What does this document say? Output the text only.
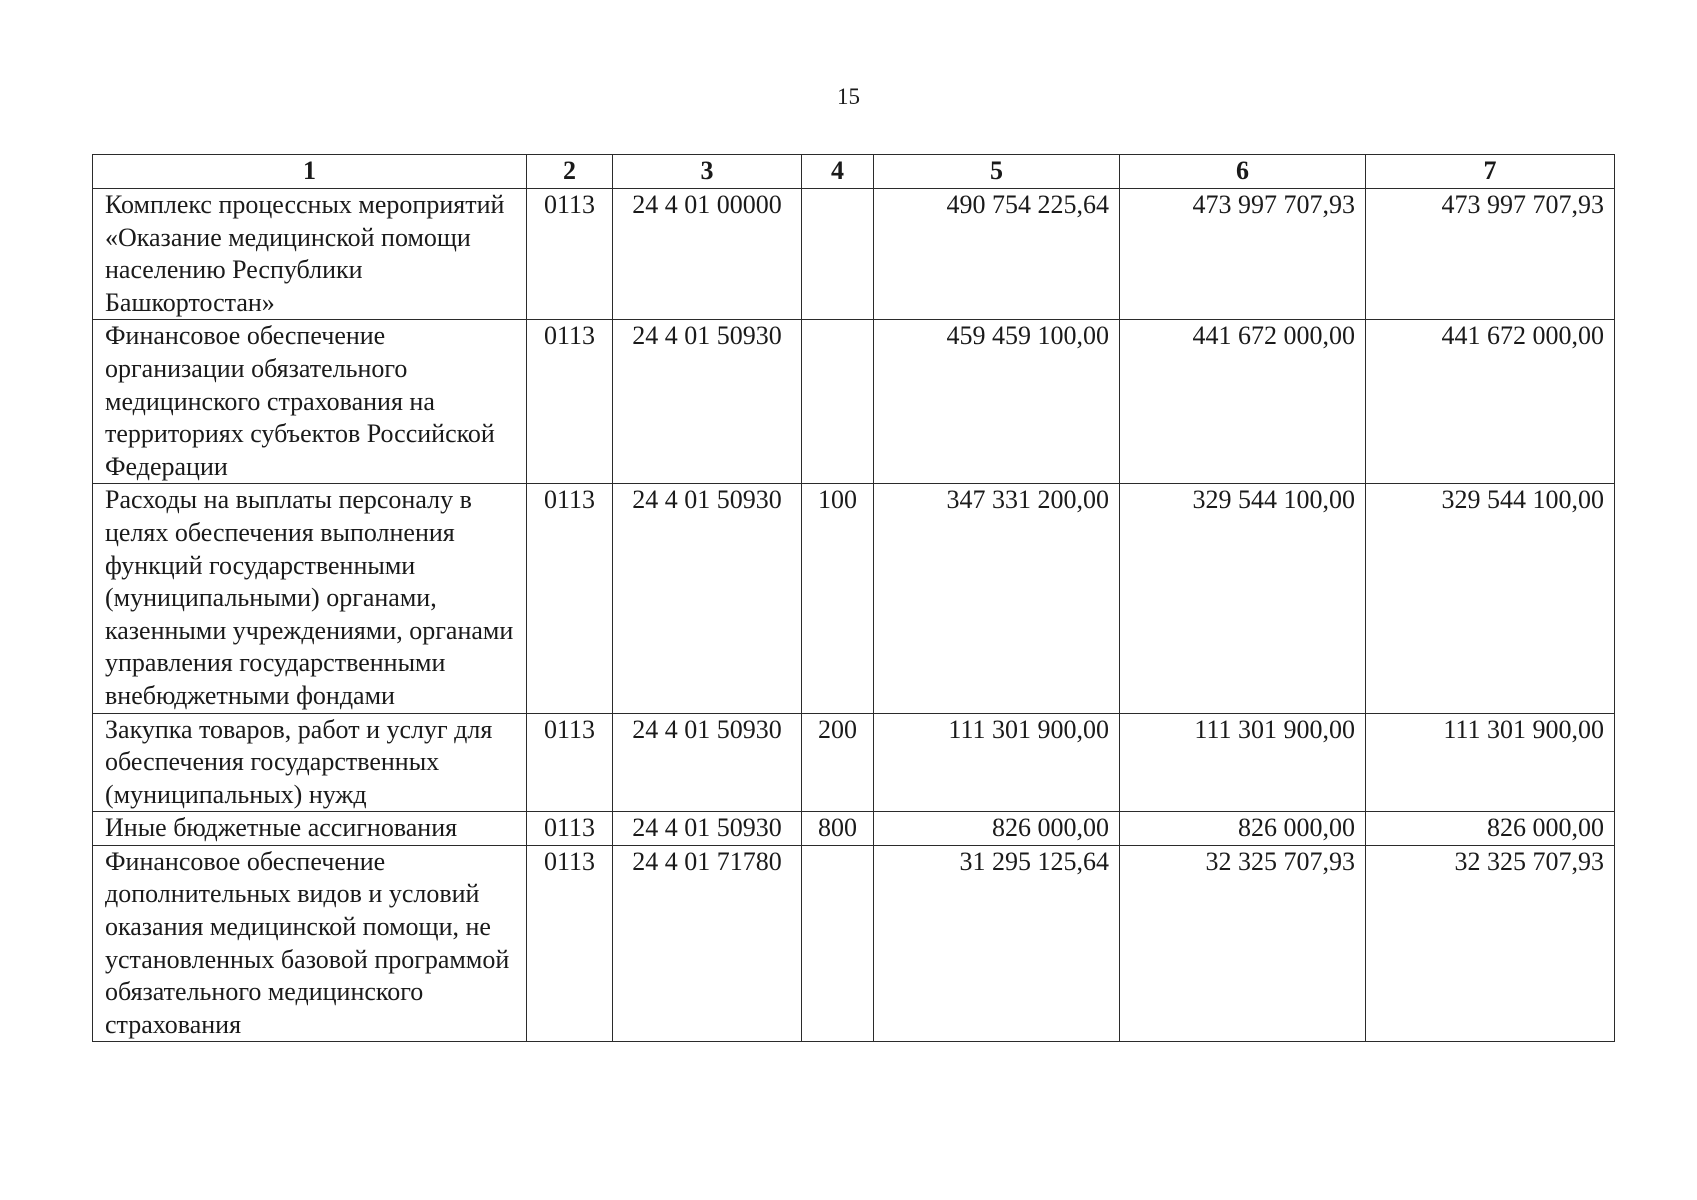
15
1	2	3	4	5	6	7
Комплекс процессных мероприятий «Оказание медицинской помощи населению Республики Башкортостан»	0113	24 4 01 00000		490 754 225,64	473 997 707,93	473 997 707,93
Финансовое обеспечение организации обязательного медицинского страхования на территориях субъектов Российской Федерации	0113	24 4 01 50930		459 459 100,00	441 672 000,00	441 672 000,00
Расходы на выплаты персоналу в целях обеспечения выполнения функций государственными (муниципальными) органами, казенными учреждениями, органами управления государственными внебюджетными фондами	0113	24 4 01 50930	100	347 331 200,00	329 544 100,00	329 544 100,00
Закупка товаров, работ и услуг для обеспечения государственных (муниципальных) нужд	0113	24 4 01 50930	200	111 301 900,00	111 301 900,00	111 301 900,00
Иные бюджетные ассигнования	0113	24 4 01 50930	800	826 000,00	826 000,00	826 000,00
Финансовое обеспечение дополнительных видов и условий оказания медицинской помощи, не установленных базовой программой обязательного медицинского страхования	0113	24 4 01 71780		31 295 125,64	32 325 707,93	32 325 707,93
